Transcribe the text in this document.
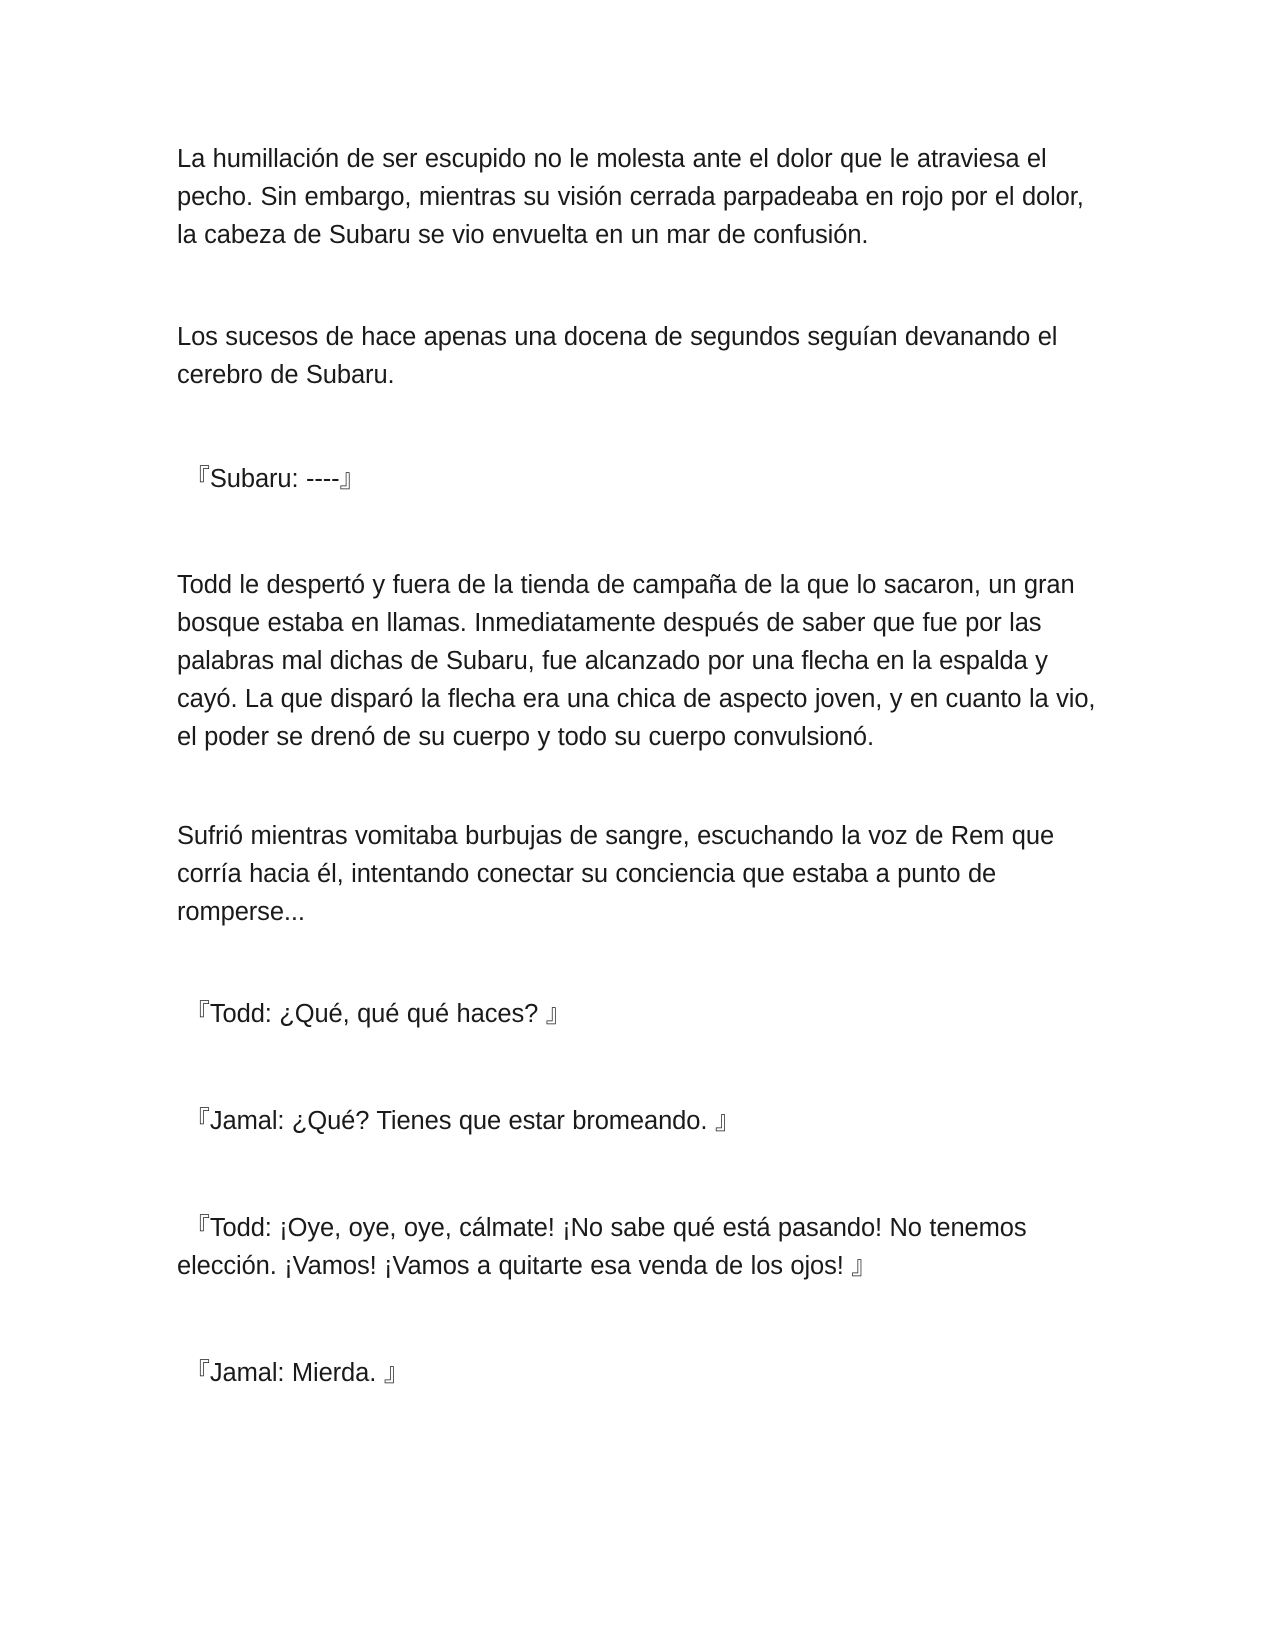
La humillación de ser escupido no le molesta ante el dolor que le atraviesa el pecho. Sin embargo, mientras su visión cerrada parpadeaba en rojo por el dolor, la cabeza de Subaru se vio envuelta en un mar de confusión.

Los sucesos de hace apenas una docena de segundos seguían devanando el cerebro de Subaru.

『Subaru: ----』

Todd le despertó y fuera de la tienda de campaña de la que lo sacaron, un gran bosque estaba en llamas. Inmediatamente después de saber que fue por las palabras mal dichas de Subaru, fue alcanzado por una flecha en la espalda y cayó. La que disparó la flecha era una chica de aspecto joven, y en cuanto la vio, el poder se drenó de su cuerpo y todo su cuerpo convulsionó.

Sufrió mientras vomitaba burbujas de sangre, escuchando la voz de Rem que corría hacia él, intentando conectar su conciencia que estaba a punto de romperse...

『Todd: ¿Qué, qué qué haces? 』

『Jamal: ¿Qué? Tienes que estar bromeando. 』

『Todd: ¡Oye, oye, oye, cálmate! ¡No sabe qué está pasando! No tenemos elección. ¡Vamos! ¡Vamos a quitarte esa venda de los ojos! 』

『Jamal: Mierda. 』
